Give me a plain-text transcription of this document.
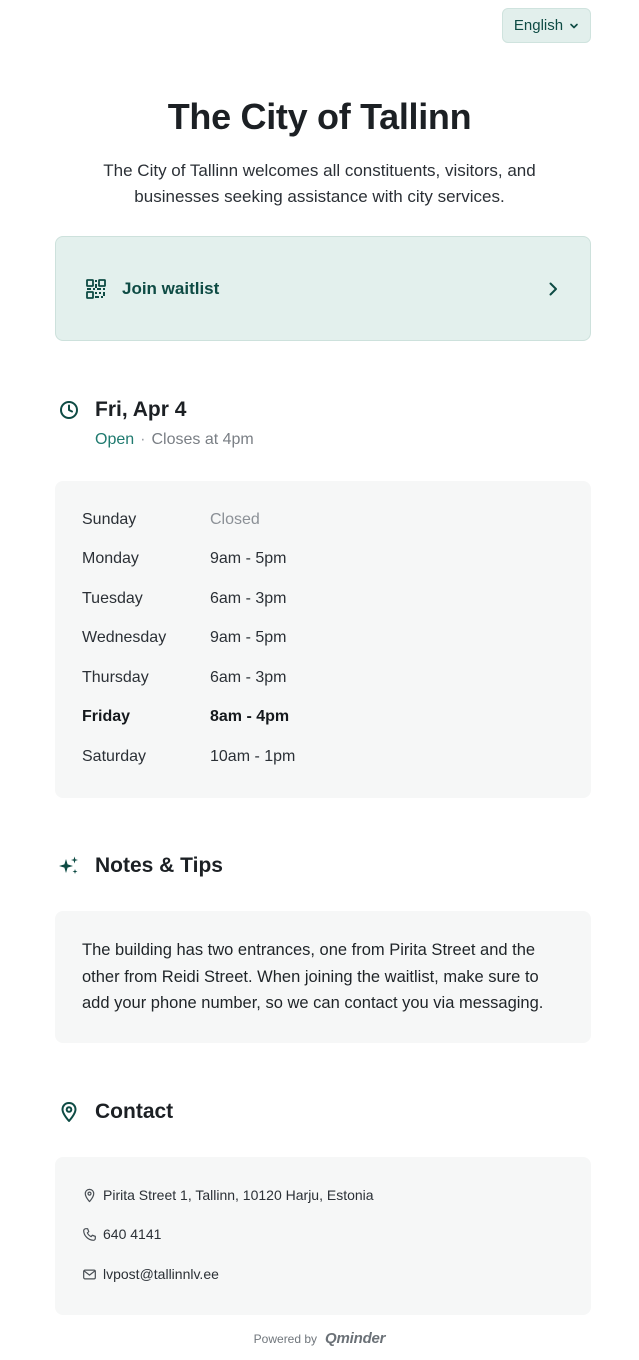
English
The City of Tallinn

The City of Tallinn welcomes all constituents, visitors, and businesses seeking assistance with city services.

Join waitlist
Fri, Apr 4
Open · Closes at 4pm
Sunday	Closed
Monday	9am - 5pm
Tuesday	6am - 3pm
Wednesday	9am - 5pm
Thursday	6am - 3pm
Friday	8am - 4pm
Saturday	10am - 1pm
Notes & Tips
The building has two entrances, one from Pirita Street and the other from Reidi Street. When joining the waitlist, make sure to add your phone number, so we can contact you via messaging.
Contact
Pirita Street 1, Tallinn, 10120 Harju, Estonia
640 4141
lvpost@tallinnlv.ee
Powered by Qminder
